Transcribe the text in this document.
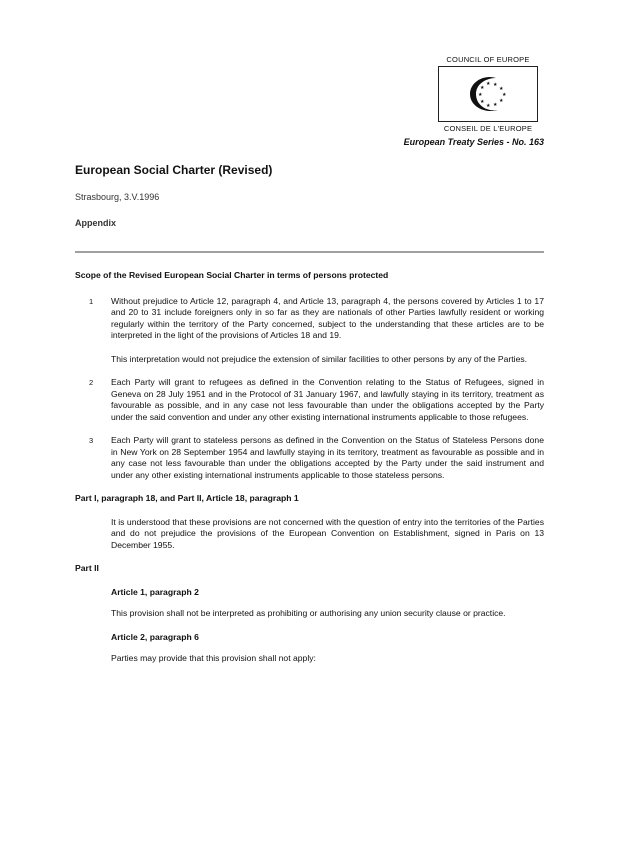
COUNCIL OF EUROPE
★ ★
★
★
★
★
★
★
★
★
CONSEIL DE L'EUROPE
European Treaty Series - No. 163
European Social Charter (Revised)
Strasbourg, 3.V.1996
Appendix
Scope of the Revised European Social Charter in terms of persons protected
1	Without prejudice to Article 12, paragraph 4, and Article 13, paragraph 4, the persons covered by Articles 1 to 17 and 20 to 31 include foreigners only in so far as they are nationals of other Parties lawfully resident or working regularly within the territory of the Party concerned, subject to the understanding that these articles are to be interpreted in the light of the provisions of Articles 18 and 19.
This interpretation would not prejudice the extension of similar facilities to other persons by any of the Parties.
2	Each Party will grant to refugees as defined in the Convention relating to the Status of Refugees, signed in Geneva on 28 July 1951 and in the Protocol of 31 January 1967, and lawfully staying in its territory, treatment as favourable as possible, and in any case not less favourable than under the obligations accepted by the Party under the said convention and under any other existing international instruments applicable to those refugees.
3	Each Party will grant to stateless persons as defined in the Convention on the Status of Stateless Persons done in New York on 28 September 1954 and lawfully staying in its territory, treatment as favourable as possible and in any case not less favourable than under the obligations accepted by the Party under the said instrument and under any other existing international instruments applicable to those stateless persons.
Part I, paragraph 18, and Part II, Article 18, paragraph 1
It is understood that these provisions are not concerned with the question of entry into the territories of the Parties and do not prejudice the provisions of the European Convention on Establishment, signed in Paris on 13 December 1955.
Part II
Article 1, paragraph 2
This provision shall not be interpreted as prohibiting or authorising any union security clause or practice.
Article 2, paragraph 6
Parties may provide that this provision shall not apply:
